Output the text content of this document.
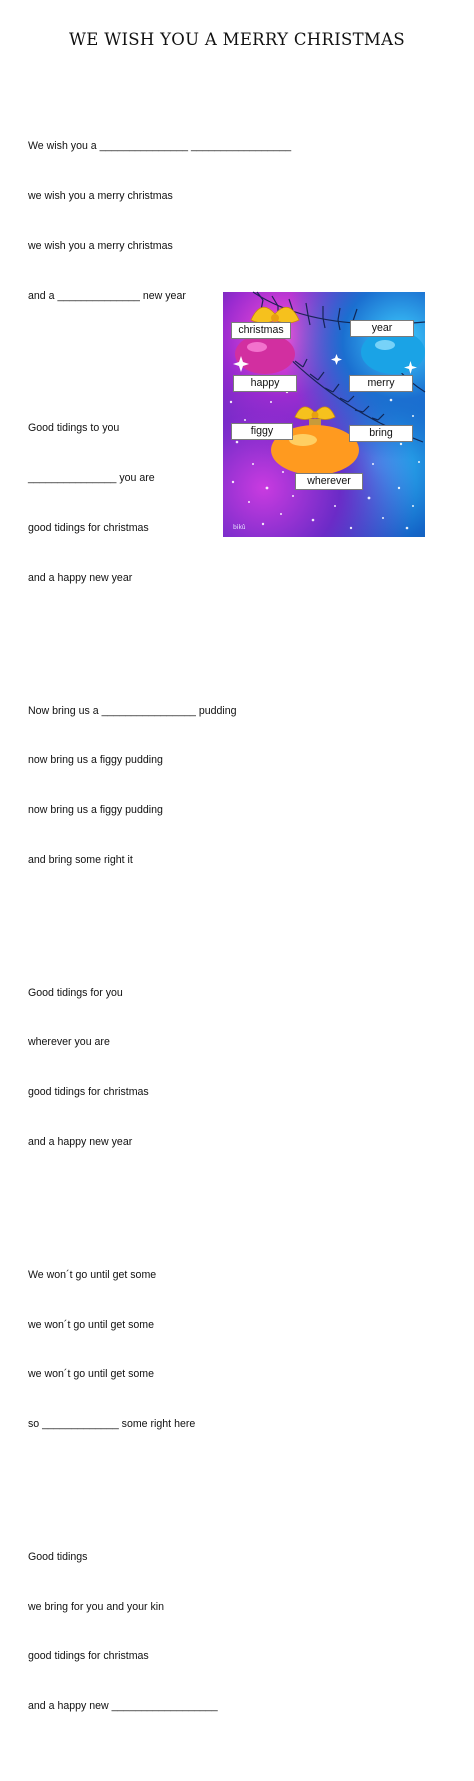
WE WISH YOU A MERRY CHRISTMAS

We wish you a _______________ _________________

we wish you a merry christmas

we wish you a merry christmas

and a ______________ new year

Good tidings to you

_______________ you are

good tidings for christmas

and a happy new year

Now bring us a ________________ pudding

now bring us a figgy pudding

now bring us a figgy pudding

and bring some right it

Good tidings for you

wherever you are

good tidings for christmas

and a happy new year

We won´t go until get some

we won´t go until get some

we won´t go until get some

so _____________ some right here

Good tidings

we bring for you and your kin

good tidings for christmas

and a happy new __________________

christmas	year
happy	merry
figgy	bring
wherever
bikû
